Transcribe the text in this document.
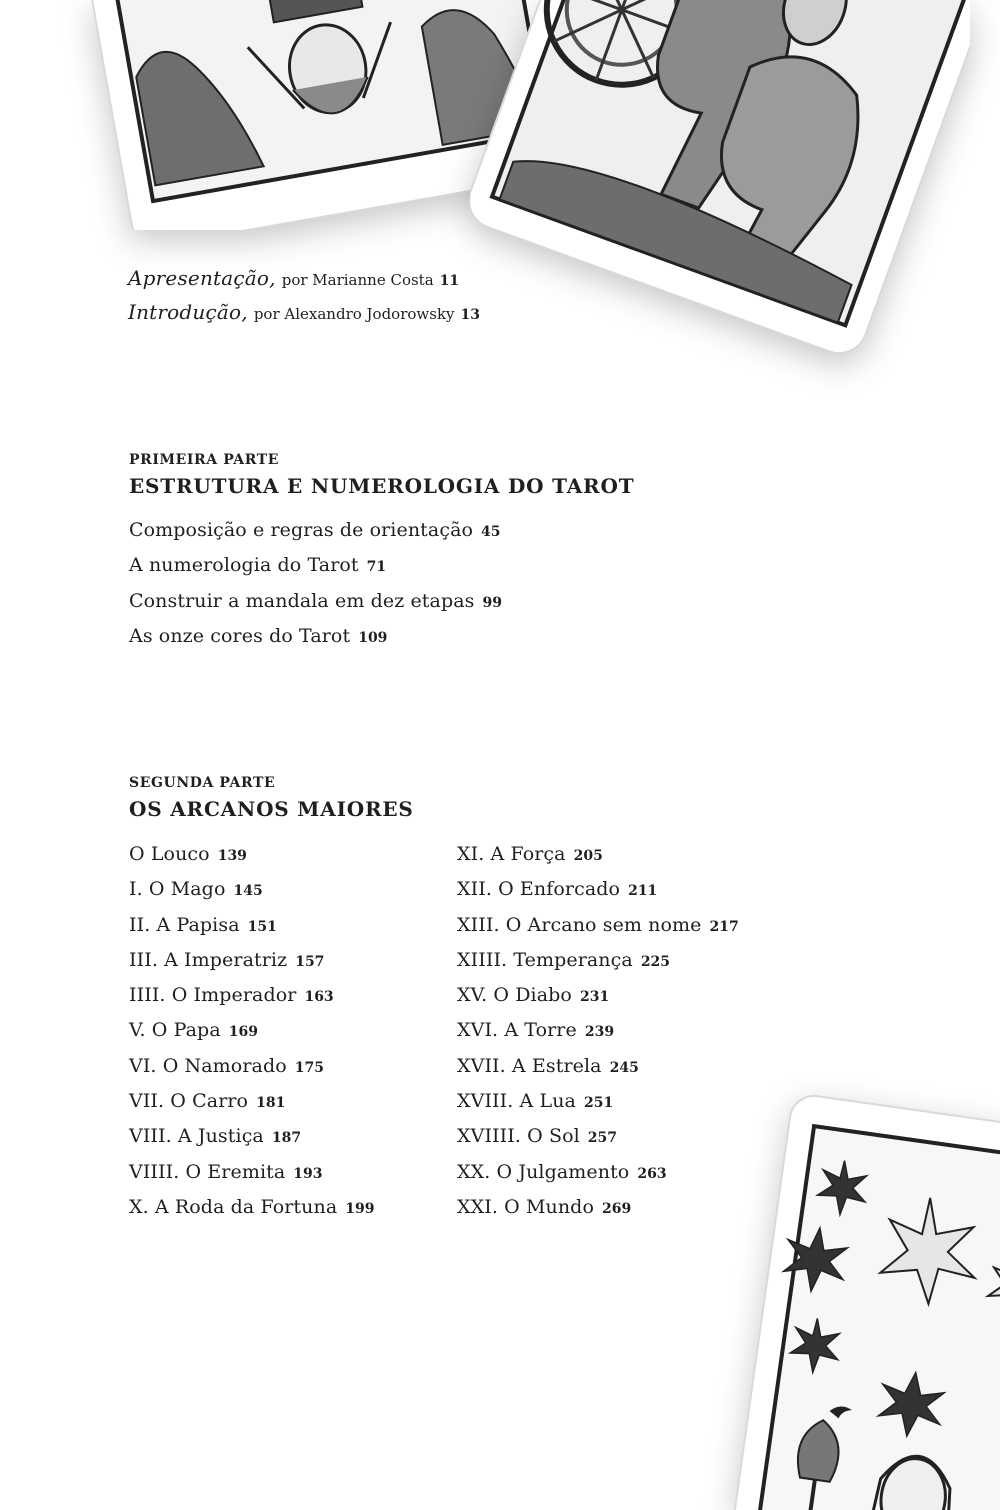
Apresentação, por Marianne Costa 11
Introdução, por Alexandro Jodorowsky 13
PRIMEIRA PARTE
ESTRUTURA E NUMEROLOGIA DO TAROT
Composição e regras de orientação 45
A numerologia do Tarot 71
Construir a mandala em dez etapas 99
As onze cores do Tarot 109
SEGUNDA PARTE
OS ARCANOS MAIORES
O Louco 139
I. O Mago 145
II. A Papisa 151
III. A Imperatriz 157
IIII. O Imperador 163
V. O Papa 169
VI. O Namorado 175
VII. O Carro 181
VIII. A Justiça 187
VIIII. O Eremita 193
X. A Roda da Fortuna 199
XI. A Força 205
XII. O Enforcado 211
XIII. O Arcano sem nome 217
XIIII. Temperança 225
XV. O Diabo 231
XVI. A Torre 239
XVII. A Estrela 245
XVIII. A Lua 251
XVIIII. O Sol 257
XX. O Julgamento 263
XXI. O Mundo 269
